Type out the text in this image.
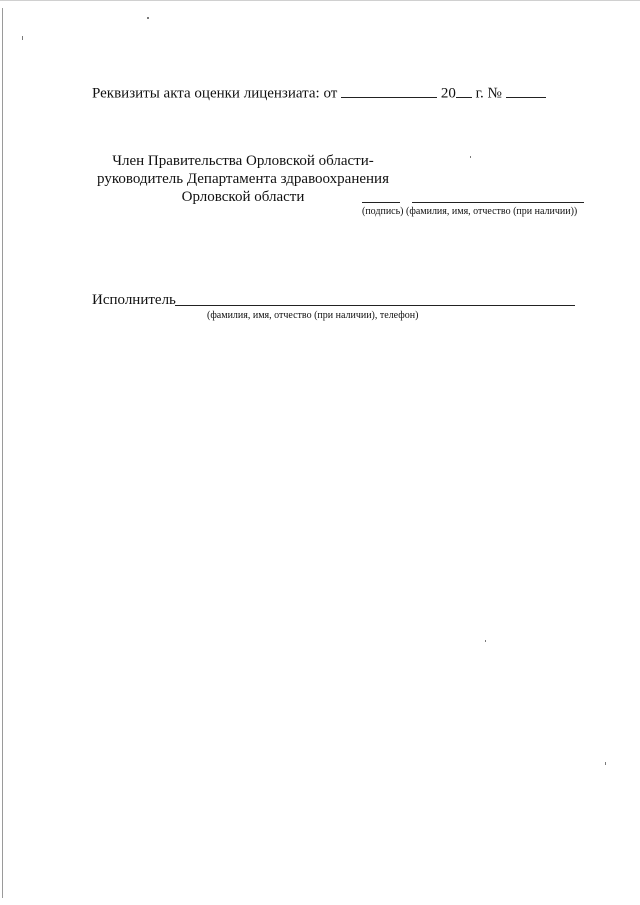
Реквизиты акта оценки лицензиата: от	20 г. №
Член Правительства Орловской области-
руководитель Департамента здравоохранения
Орловской области
(подпись) (фамилия, имя, отчество (при наличии))
Исполнитель
(фамилия, имя, отчество (при наличии), телефон)
